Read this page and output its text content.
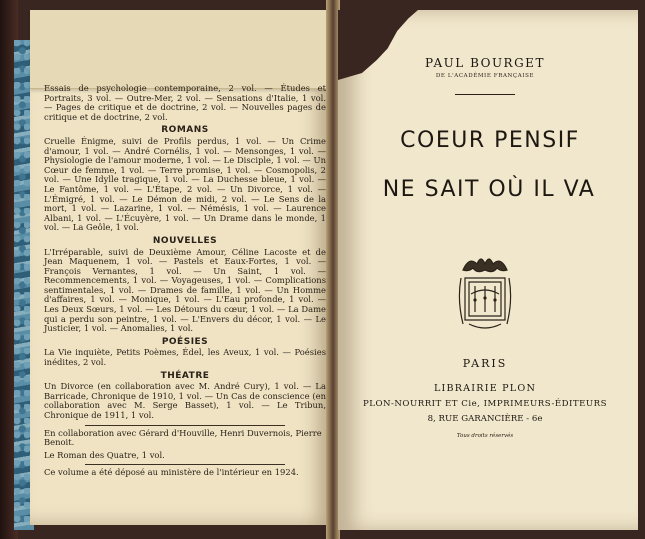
Essais de psychologie contemporaine, 2 vol. — Études et Portraits, 3 vol. — Outre-Mer, 2 vol. — Sensations d'Italie, 1 vol. — Pages de critique et de doctrine, 2 vol. — Nouvelles pages de critique et de doctrine, 2 vol.

ROMANS

Cruelle Énigme, suivi de Profils perdus, 1 vol. — Un Crime d'amour, 1 vol. — André Cornélis, 1 vol. — Mensonges, 1 vol. — Physiologie de l'amour moderne, 1 vol. — Le Disciple, 1 vol. — Un Cœur de femme, 1 vol. — Terre promise, 1 vol. — Cosmopolis, 2 vol. — Une Idylle tragique, 1 vol. — La Duchesse bleue, 1 vol. — Le Fantôme, 1 vol. — L'Étape, 2 vol. — Un Divorce, 1 vol. — L'Émigré, 1 vol. — Le Démon de midi, 2 vol. — Le Sens de la mort, 1 vol. — Lazarine, 1 vol. — Némésis, 1 vol. — Laurence Albani, 1 vol. — L'Écuyère, 1 vol. — Un Drame dans le monde, 1 vol. — La Geôle, 1 vol.

NOUVELLES

L'Irréparable, suivi de Deuxième Amour, Céline Lacoste et de Jean Maquenem, 1 vol. — Pastels et Eaux-Fortes, 1 vol. — François Vernantes, 1 vol. — Un Saint, 1 vol. — Recommencements, 1 vol. — Voyageuses, 1 vol. — Complications sentimentales, 1 vol. — Drames de famille, 1 vol. — Un Homme d'affaires, 1 vol. — Monique, 1 vol. — L'Eau profonde, 1 vol. — Les Deux Sœurs, 1 vol. — Les Détours du cœur, 1 vol. — La Dame qui a perdu son peintre, 1 vol. — L'Envers du décor, 1 vol. — Le Justicier, 1 vol. — Anomalies, 1 vol.

POÉSIES

La Vie inquiète, Petits Poèmes, Édel, les Aveux, 1 vol. — Poésies inédites, 2 vol.

THÉATRE

Un Divorce (en collaboration avec M. André Cury), 1 vol. — La Barricade, Chronique de 1910, 1 vol. — Un Cas de conscience (en collaboration avec M. Serge Basset), 1 vol. — Le Tribun, Chronique de 1911, 1 vol.

En collaboration avec Gérard d'Houville, Henri Duvernois, Pierre Benoit.

Le Roman des Quatre, 1 vol.

Ce volume a été déposé au ministère de l'intérieur en 1924.

PAUL BOURGET
DE L'ACADÉMIE FRANÇAISE
COEUR PENSIF
NE SAIT OÙ IL VA
PARIS
LIBRAIRIE PLON
PLON-NOURRIT ET Cie, IMPRIMEURS-ÉDITEURS
8, RUE GARANCIÈRE - 6e
Tous droits réservés
